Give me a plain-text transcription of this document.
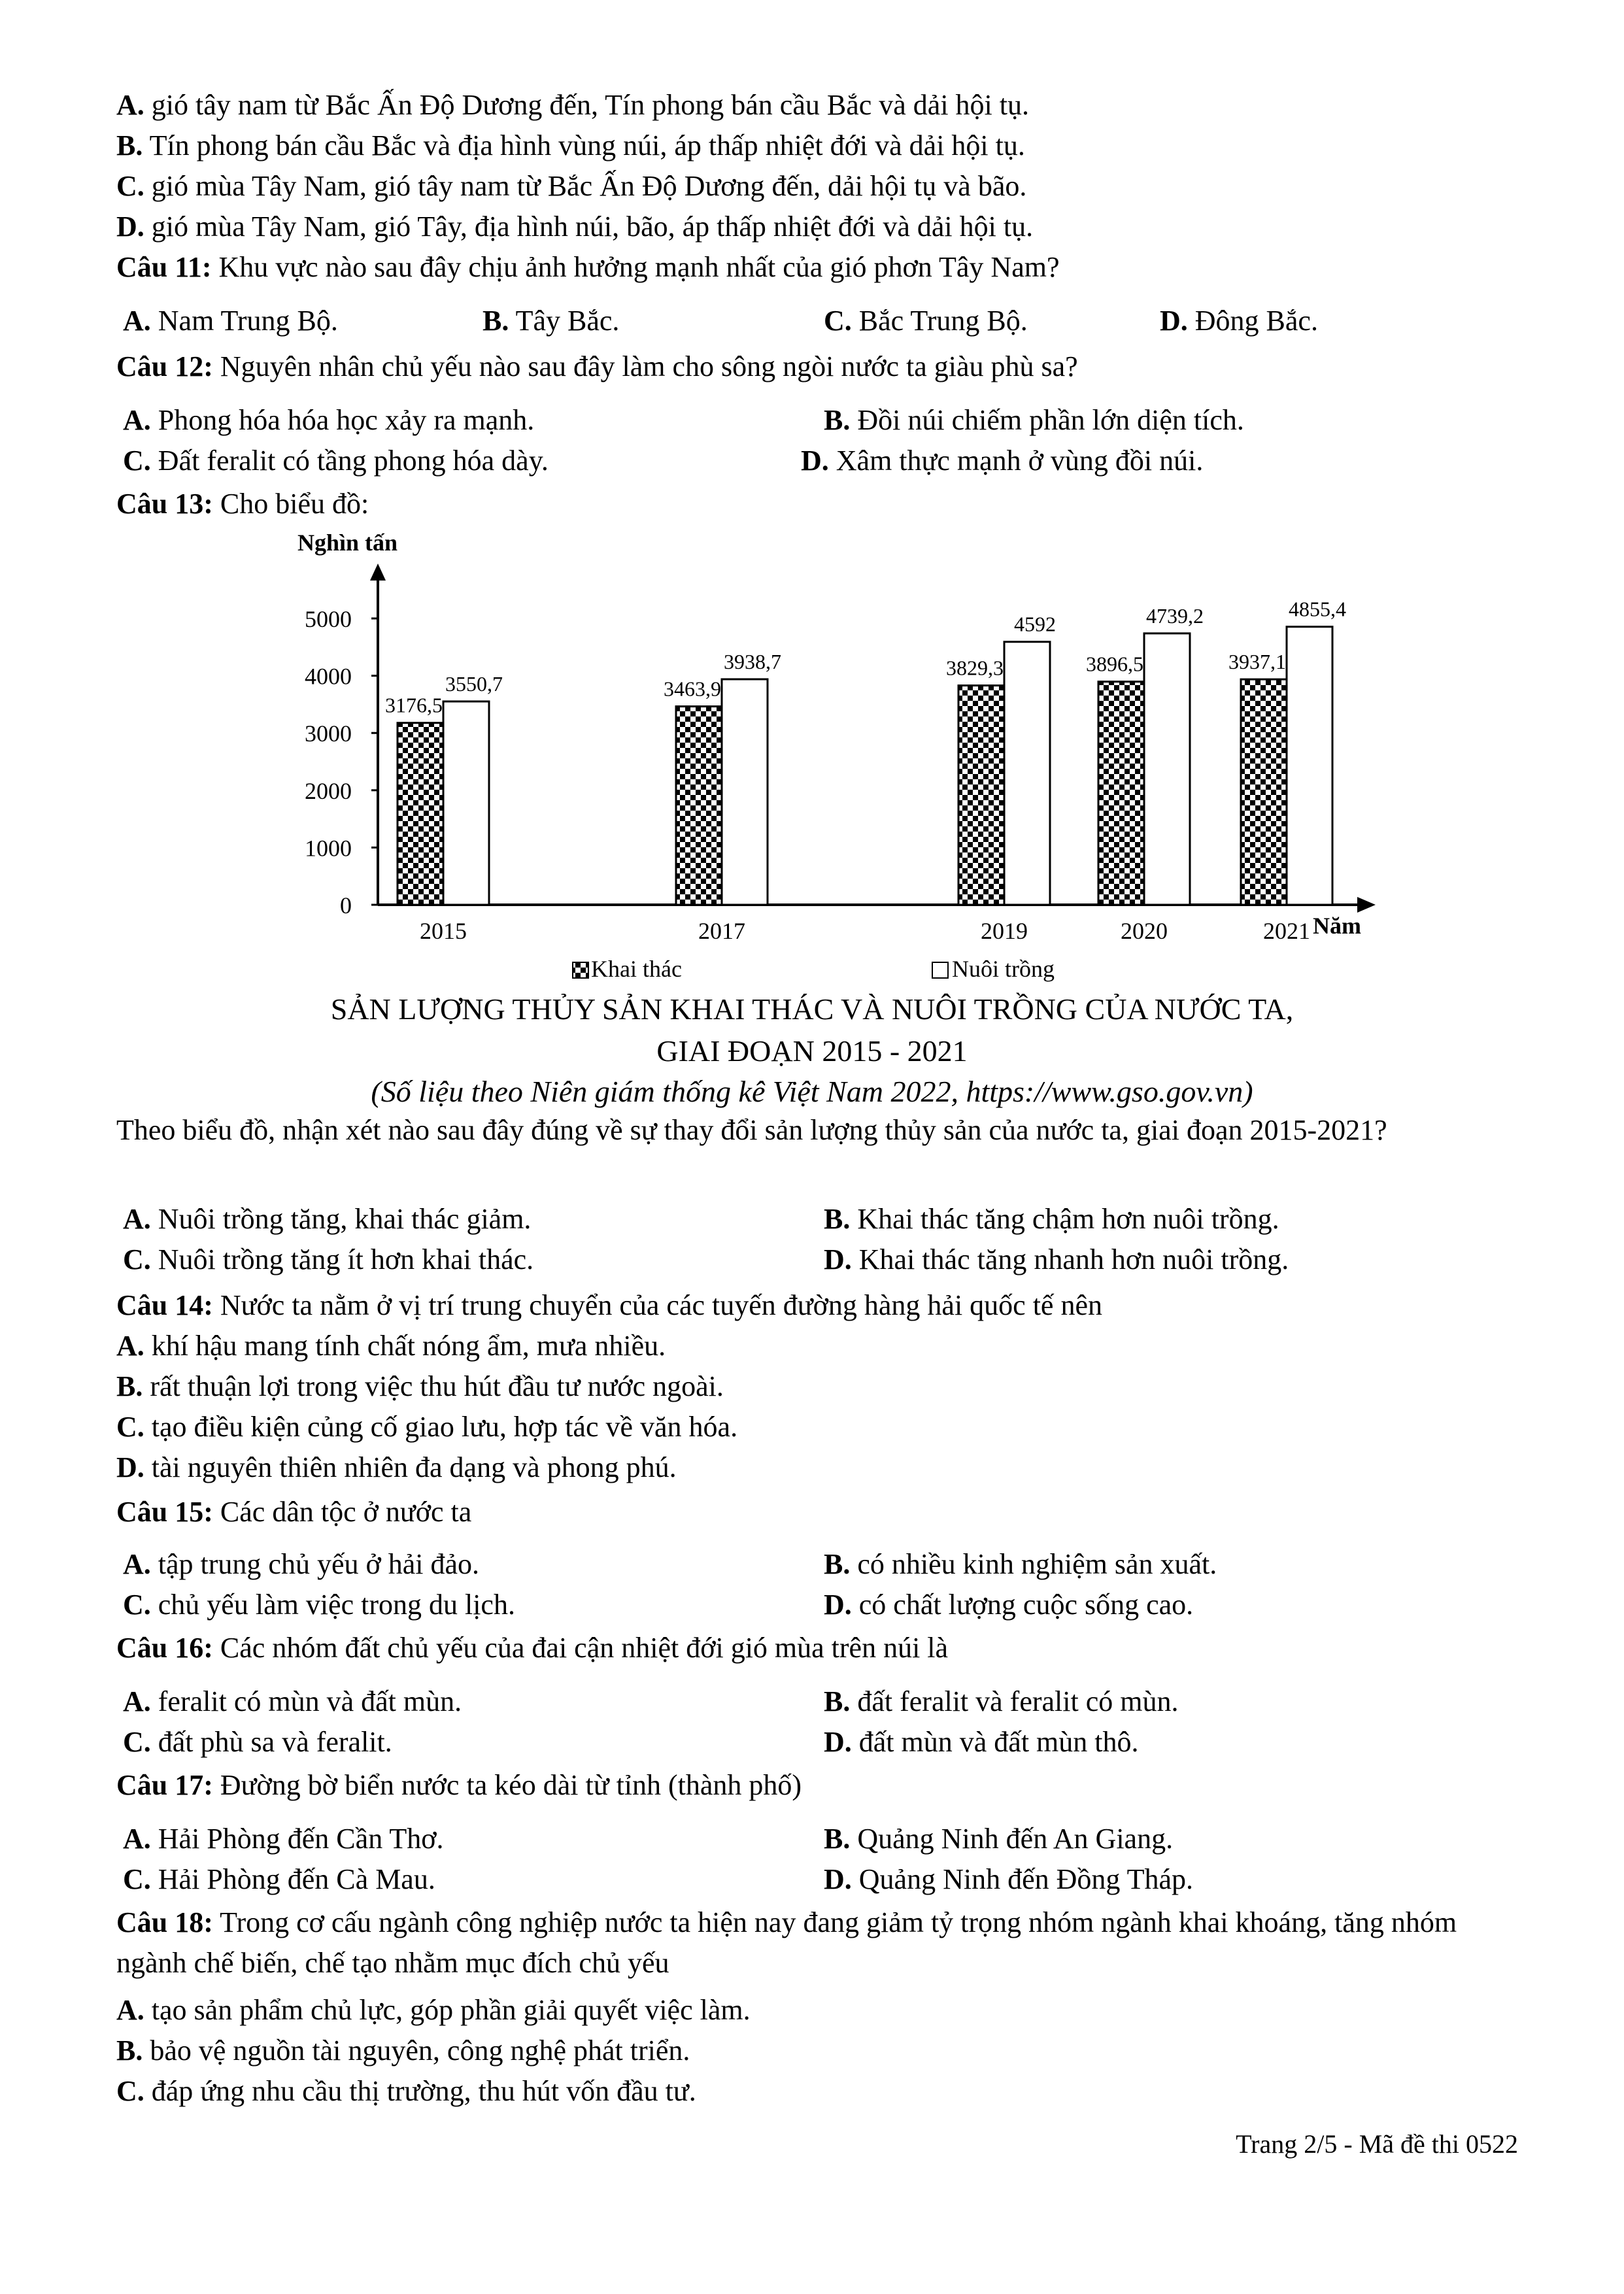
A. gió tây nam từ Bắc Ấn Độ Dương đến, Tín phong bán cầu Bắc và dải hội tụ.
B. Tín phong bán cầu Bắc và địa hình vùng núi, áp thấp nhiệt đới và dải hội tụ.
C. gió mùa Tây Nam, gió tây nam từ Bắc Ấn Độ Dương đến, dải hội tụ và bão.
D. gió mùa Tây Nam, gió Tây, địa hình núi, bão, áp thấp nhiệt đới và dải hội tụ.
Câu 11: Khu vực nào sau đây chịu ảnh hưởng mạnh nhất của gió phơn Tây Nam?
A. Nam Trung Bộ.	B. Tây Bắc.	C. Bắc Trung Bộ.	D. Đông Bắc.
Câu 12: Nguyên nhân chủ yếu nào sau đây làm cho sông ngòi nước ta giàu phù sa?
A. Phong hóa hóa học xảy ra mạnh.	B. Đồi núi chiếm phần lớn diện tích.
C. Đất feralit có tầng phong hóa dày.	D. Xâm thực mạnh ở vùng đồi núi.
Câu 13: Cho biểu đồ:
Nghìn tấn
Năm
0
1000
2000
3000
4000
5000
3176,5
3550,7
2015
3463,9
3938,7
2017
3829,3
4592
2019
3896,5
4739,2
2020
3937,1
4855,4
2021
Khai thác	Nuôi trồng
SẢN LƯỢNG THỦY SẢN KHAI THÁC VÀ NUÔI TRỒNG CỦA NƯỚC TA,
GIAI ĐOẠN 2015 - 2021
(Số liệu theo Niên giám thống kê Việt Nam 2022, https://www.gso.gov.vn)
Theo biểu đồ, nhận xét nào sau đây đúng về sự thay đổi sản lượng thủy sản của nước ta, giai đoạn 2015-2021?
A. Nuôi trồng tăng, khai thác giảm.	B. Khai thác tăng chậm hơn nuôi trồng.
C. Nuôi trồng tăng ít hơn khai thác.	D. Khai thác tăng nhanh hơn nuôi trồng.
Câu 14: Nước ta nằm ở vị trí trung chuyển của các tuyến đường hàng hải quốc tế nên
A. khí hậu mang tính chất nóng ẩm, mưa nhiều.
B. rất thuận lợi trong việc thu hút đầu tư nước ngoài.
C. tạo điều kiện củng cố giao lưu, hợp tác về văn hóa.
D. tài nguyên thiên nhiên đa dạng và phong phú.
Câu 15: Các dân tộc ở nước ta
A. tập trung chủ yếu ở hải đảo.	B. có nhiều kinh nghiệm sản xuất.
C. chủ yếu làm việc trong du lịch.	D. có chất lượng cuộc sống cao.
Câu 16: Các nhóm đất chủ yếu của đai cận nhiệt đới gió mùa trên núi là
A. feralit có mùn và đất mùn.	B. đất feralit và feralit có mùn.
C. đất phù sa và feralit.	D. đất mùn và đất mùn thô.
Câu 17: Đường bờ biển nước ta kéo dài từ tỉnh (thành phố)
A. Hải Phòng đến Cần Thơ.	B. Quảng Ninh đến An Giang.
C. Hải Phòng đến Cà Mau.	D. Quảng Ninh đến Đồng Tháp.
Câu 18: Trong cơ cấu ngành công nghiệp nước ta hiện nay đang giảm tỷ trọng nhóm ngành khai khoáng, tăng nhóm ngành chế biến, chế tạo nhằm mục đích chủ yếu
A. tạo sản phẩm chủ lực, góp phần giải quyết việc làm.
B. bảo vệ nguồn tài nguyên, công nghệ phát triển.
C. đáp ứng nhu cầu thị trường, thu hút vốn đầu tư.
Trang 2/5 - Mã đề thi 0522
